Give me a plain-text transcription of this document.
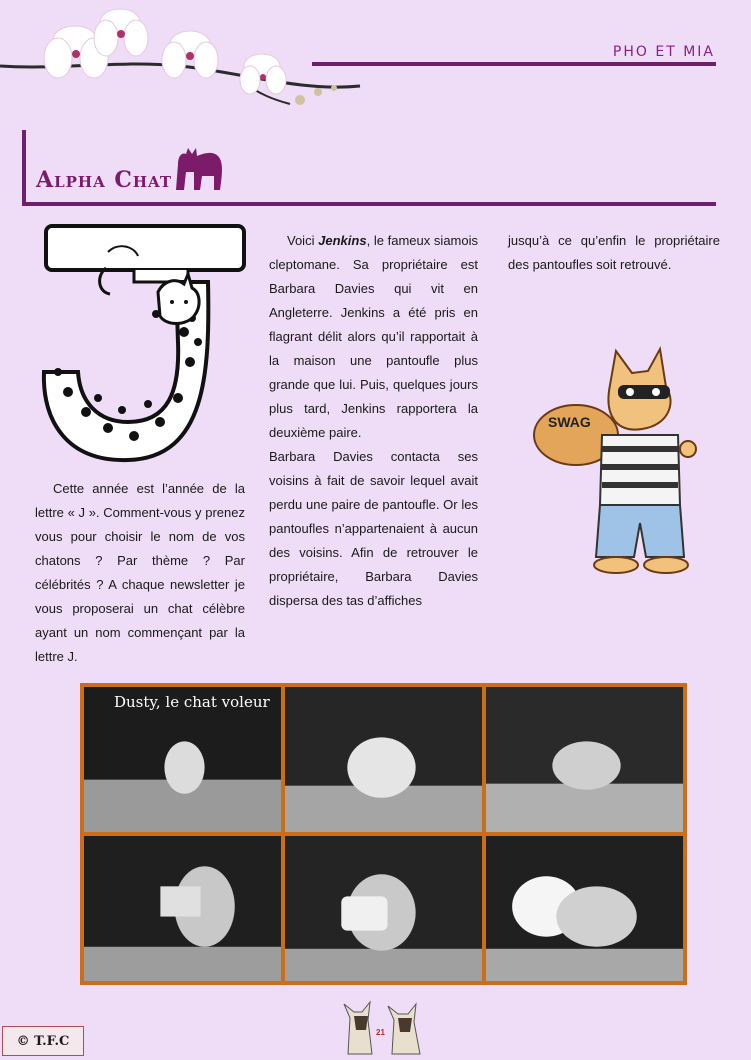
PHO ET MIA
Alpha Chat

Cette année est l’année de la lettre « J ». Comment-vous y prenez vous pour choisir le nom de vos chatons ? Par thème ? Par célébrités ? A chaque newsletter je vous proposerai un chat célèbre ayant un nom commençant par la lettre J.

Voici Jenkins, le fameux siamois cleptomane. Sa propriétaire est Barbara Davies qui vit en Angleterre. Jenkins a été pris en flagrant délit alors qu’il rapportait à la maison une pantoufle plus grande que lui. Puis, quelques jours plus tard, Jenkins rapportera la deuxième paire.

Barbara Davies contacta ses voisins à fait de savoir lequel avait perdu une paire de pantoufle. Or les pantoufles n’appartenaient à aucun des voisins. Afin de retrouver le propriétaire, Barbara Davies dispersa des tas d’affiches

jusqu’à ce qu’enfin le propriétaire des pantoufles soit retrouvé.

SWAG
Dusty, le chat voleur
© T.F.C
21
